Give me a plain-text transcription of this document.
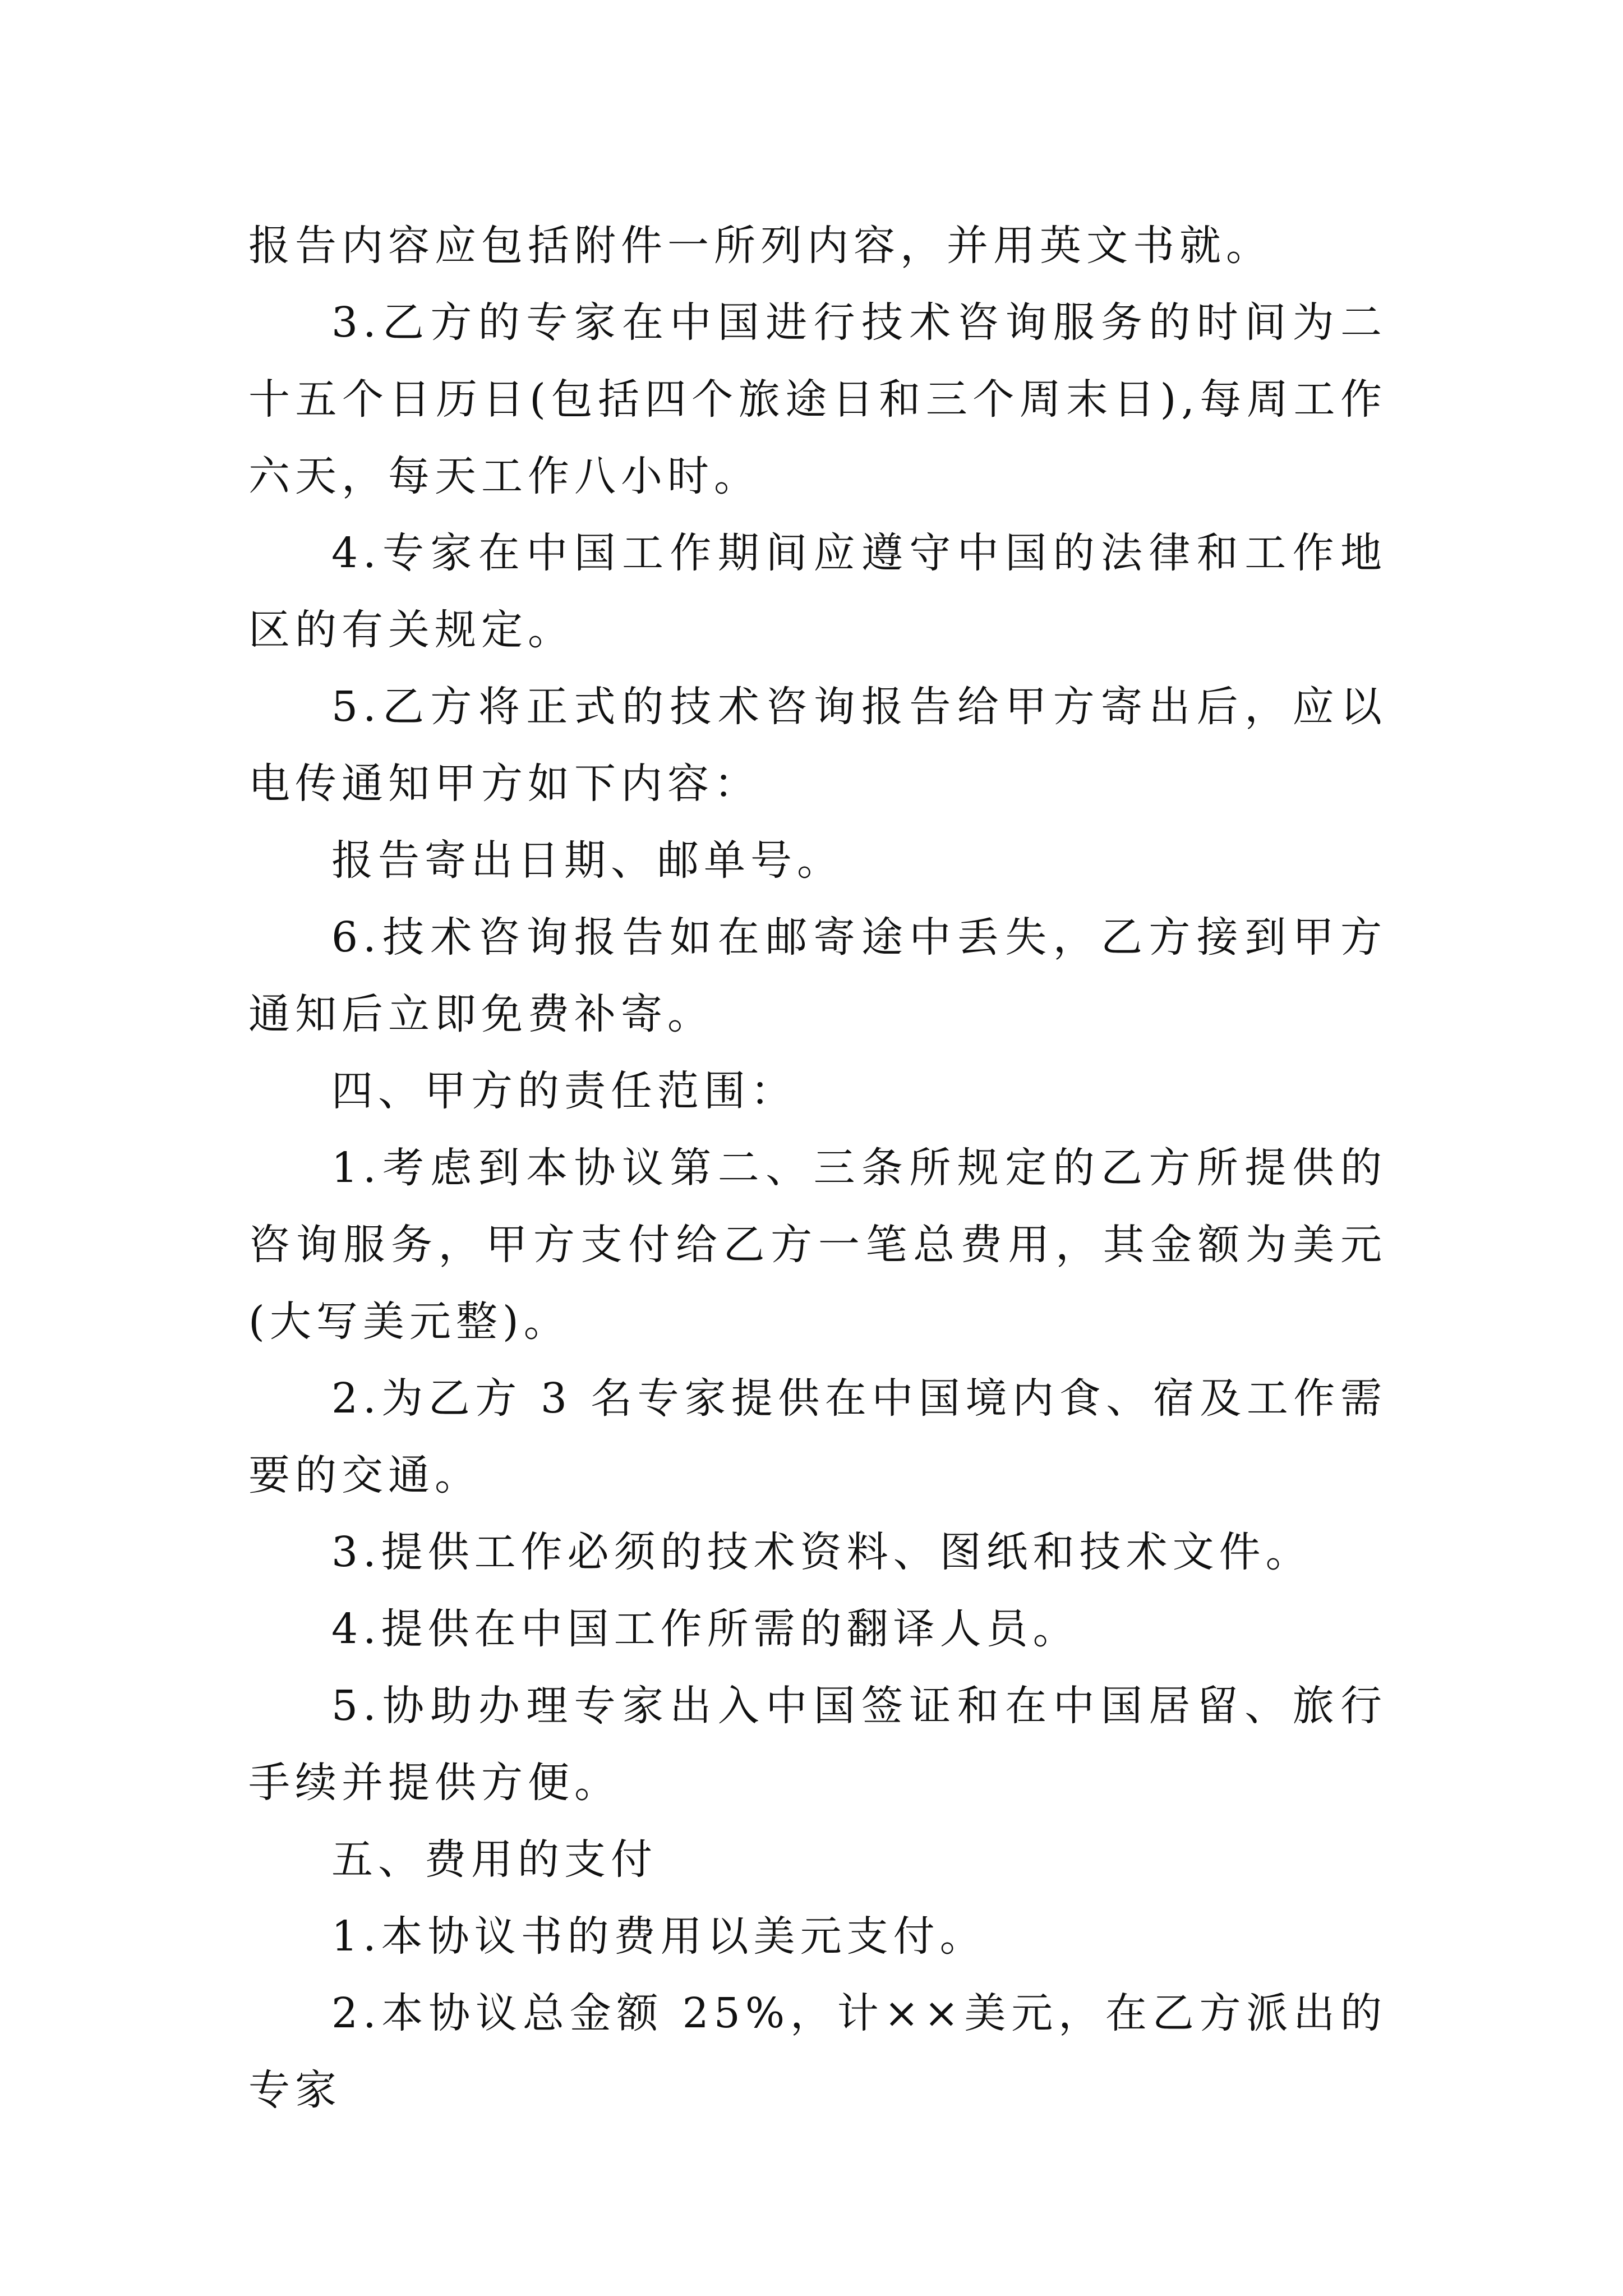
报告内容应包括附件一所列内容，并用英文书就。

3.乙方的专家在中国进行技术咨询服务的时间为二十五个日历日(包括四个旅途日和三个周末日),每周工作六天，每天工作八小时。

4.专家在中国工作期间应遵守中国的法律和工作地区的有关规定。

5.乙方将正式的技术咨询报告给甲方寄出后，应以电传通知甲方如下内容：

报告寄出日期、邮单号。

6.技术咨询报告如在邮寄途中丢失，乙方接到甲方通知后立即免费补寄。

四、甲方的责任范围：

1.考虑到本协议第二、三条所规定的乙方所提供的咨询服务，甲方支付给乙方一笔总费用，其金额为美元(大写美元整)。

2.为乙方 3 名专家提供在中国境内食、宿及工作需要的交通。

3.提供工作必须的技术资料、图纸和技术文件。

4.提供在中国工作所需的翻译人员。

5.协助办理专家出入中国签证和在中国居留、旅行手续并提供方便。

五、费用的支付

1.本协议书的费用以美元支付。

2.本协议总金额 25%，计××美元，在乙方派出的专家
